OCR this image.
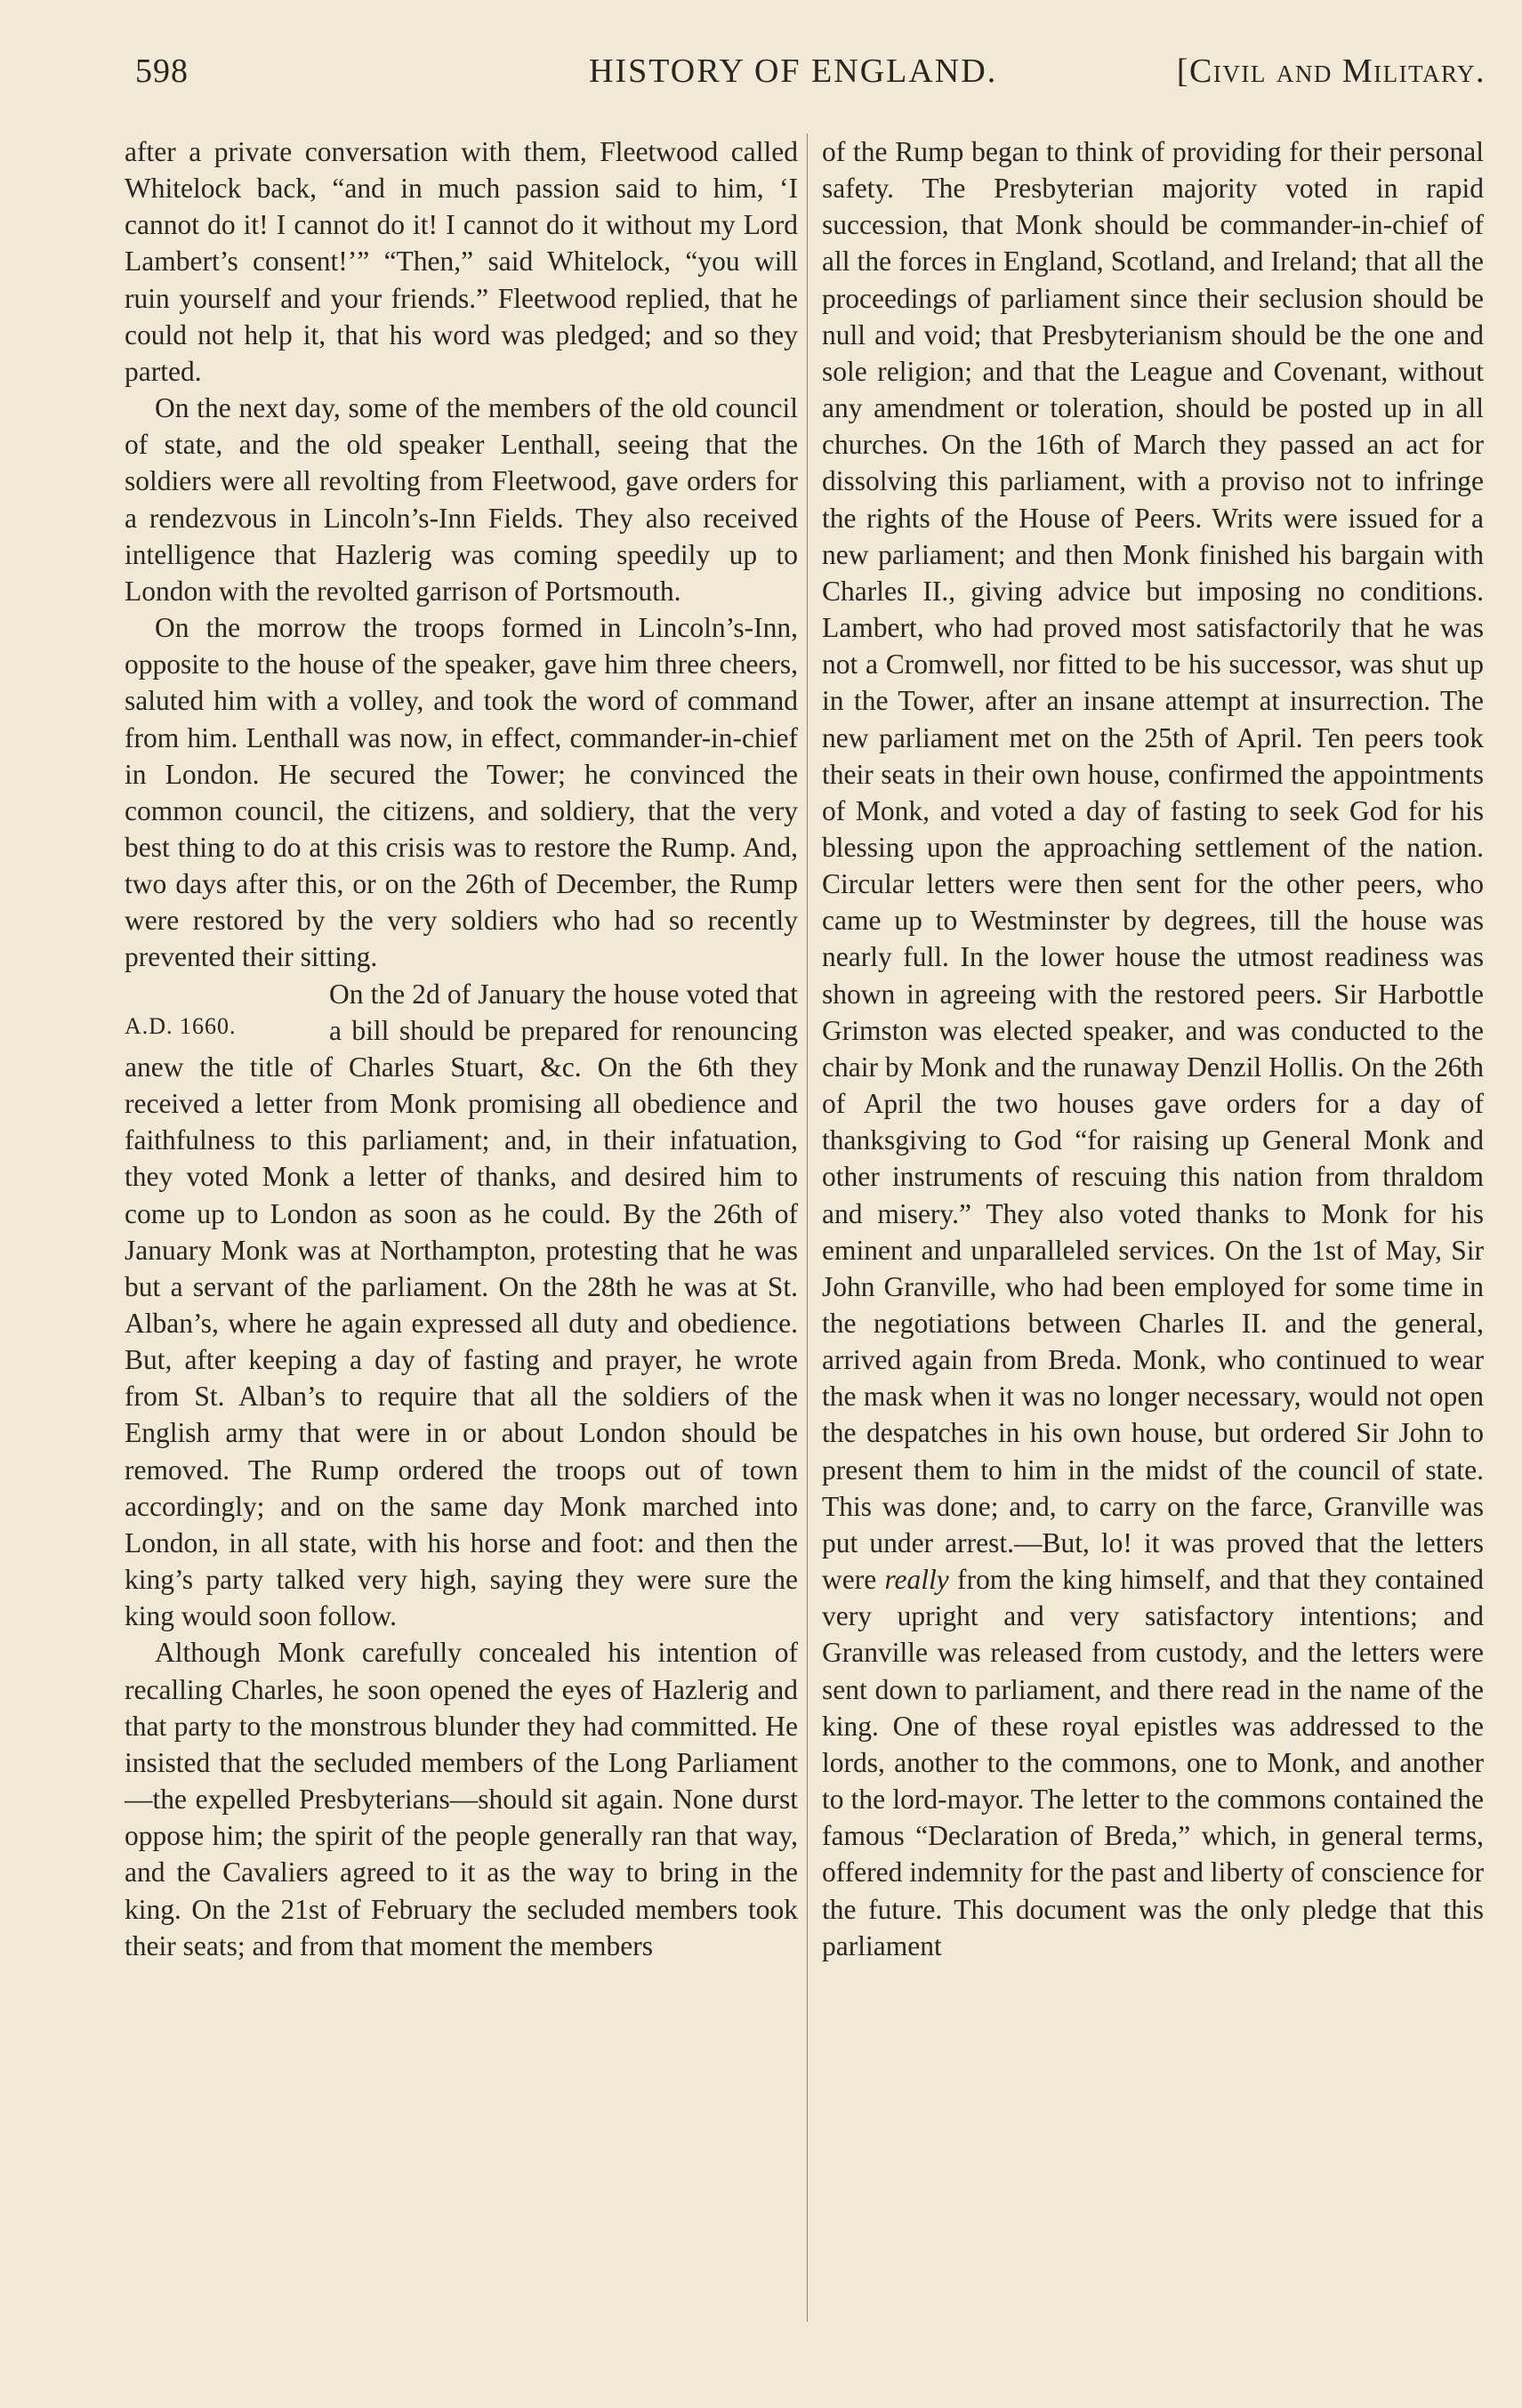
598	HISTORY OF ENGLAND.	[Civil and Military.

after a private conversation with them, Fleetwood called Whitelock back, “and in much passion said to him, ‘I cannot do it! I cannot do it! I cannot do it without my Lord Lambert’s consent!’” “Then,” said Whitelock, “you will ruin yourself and your friends.” Fleetwood replied, that he could not help it, that his word was pledged; and so they parted.

On the next day, some of the members of the old council of state, and the old speaker Lenthall, seeing that the soldiers were all revolting from Fleetwood, gave orders for a rendezvous in Lincoln’s-Inn Fields. They also received intelligence that Hazlerig was coming speedily up to London with the revolted garrison of Portsmouth.

On the morrow the troops formed in Lincoln’s-Inn, opposite to the house of the speaker, gave him three cheers, saluted him with a volley, and took the word of command from him. Lenthall was now, in effect, commander-in-chief in London. He secured the Tower; he convinced the common council, the citizens, and soldiery, that the very best thing to do at this crisis was to restore the Rump. And, two days after this, or on the 26th of December, the Rump were restored by the very soldiers who had so recently prevented their sitting.

A.D. 1660.

On the 2d of January the house voted that a bill should be prepared for renouncing anew the title of Charles Stuart, &c. On the 6th they received a letter from Monk promising all obedience and faithfulness to this parliament; and, in their infatuation, they voted Monk a letter of thanks, and desired him to come up to London as soon as he could. By the 26th of January Monk was at Northampton, protesting that he was but a servant of the parliament. On the 28th he was at St. Alban’s, where he again expressed all duty and obedience. But, after keeping a day of fasting and prayer, he wrote from St. Alban’s to require that all the soldiers of the English army that were in or about London should be removed. The Rump ordered the troops out of town accordingly; and on the same day Monk marched into London, in all state, with his horse and foot: and then the king’s party talked very high, saying they were sure the king would soon follow.

Although Monk carefully concealed his intention of recalling Charles, he soon opened the eyes of Hazlerig and that party to the monstrous blunder they had committed. He insisted that the secluded members of the Long Parliament —the expelled Presbyterians—should sit again. None durst oppose him; the spirit of the people generally ran that way, and the Cavaliers agreed to it as the way to bring in the king. On the 21st of February the secluded members took their seats; and from that moment the members

of the Rump began to think of providing for their personal safety. The Presbyterian majority voted in rapid succession, that Monk should be commander-in-chief of all the forces in England, Scotland, and Ireland; that all the proceedings of parliament since their seclusion should be null and void; that Presbyterianism should be the one and sole religion; and that the League and Covenant, without any amendment or toleration, should be posted up in all churches. On the 16th of March they passed an act for dissolving this parliament, with a proviso not to infringe the rights of the House of Peers. Writs were issued for a new parliament; and then Monk finished his bargain with Charles II., giving advice but imposing no conditions. Lambert, who had proved most satisfactorily that he was not a Cromwell, nor fitted to be his successor, was shut up in the Tower, after an insane attempt at insurrection. The new parliament met on the 25th of April. Ten peers took their seats in their own house, confirmed the appointments of Monk, and voted a day of fasting to seek God for his blessing upon the approaching settlement of the nation. Circular letters were then sent for the other peers, who came up to Westminster by degrees, till the house was nearly full. In the lower house the utmost readiness was shown in agreeing with the restored peers. Sir Harbottle Grimston was elected speaker, and was conducted to the chair by Monk and the runaway Denzil Hollis. On the 26th of April the two houses gave orders for a day of thanksgiving to God “for raising up General Monk and other instruments of rescuing this nation from thraldom and misery.” They also voted thanks to Monk for his eminent and unparalleled services. On the 1st of May, Sir John Granville, who had been employed for some time in the negotiations between Charles II. and the general, arrived again from Breda. Monk, who continued to wear the mask when it was no longer necessary, would not open the despatches in his own house, but ordered Sir John to present them to him in the midst of the council of state. This was done; and, to carry on the farce, Granville was put under arrest.—But, lo! it was proved that the letters were really from the king himself, and that they contained very upright and very satisfactory intentions; and Granville was released from custody, and the letters were sent down to parliament, and there read in the name of the king. One of these royal epistles was addressed to the lords, another to the commons, one to Monk, and another to the lord-mayor. The letter to the commons contained the famous “Declaration of Breda,” which, in general terms, offered indemnity for the past and liberty of conscience for the future. This document was the only pledge that this parliament
